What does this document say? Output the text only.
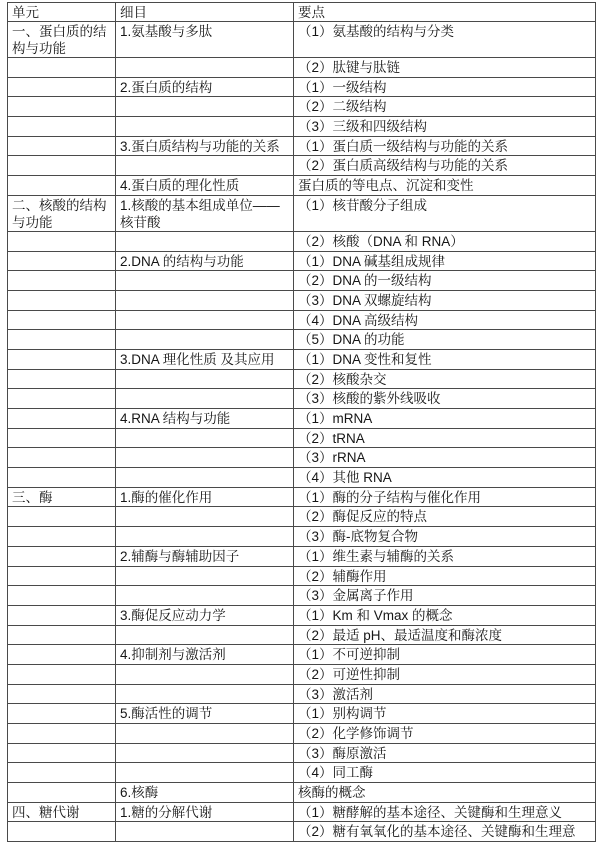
单元	细目	要点
一、蛋白质的结构与功能	1.氨基酸与多肽	（1）氨基酸的结构与分类
		（2）肽键与肽链
	2.蛋白质的结构	（1）一级结构
		（2）二级结构
		（3）三级和四级结构
	3.蛋白质结构与功能的关系	（1）蛋白质一级结构与功能的关系
		（2）蛋白质高级结构与功能的关系
	4.蛋白质的理化性质	蛋白质的等电点、沉淀和变性
二、核酸的结构与功能	1.核酸的基本组成单位——核苷酸	（1）核苷酸分子组成
		（2）核酸（DNA 和 RNA）
	2.DNA 的结构与功能	（1）DNA 碱基组成规律
		（2）DNA 的一级结构
		（3）DNA 双螺旋结构
		（4）DNA 高级结构
		（5）DNA 的功能
	3.DNA 理化性质 及其应用	（1）DNA 变性和复性
		（2）核酸杂交
		（3）核酸的紫外线吸收
	4.RNA 结构与功能	（1）mRNA
		（2）tRNA
		（3）rRNA
		（4）其他 RNA
三、酶	1.酶的催化作用	（1）酶的分子结构与催化作用
		（2）酶促反应的特点
		（3）酶-底物复合物
	2.辅酶与酶辅助因子	（1）维生素与辅酶的关系
		（2）辅酶作用
		（3）金属离子作用
	3.酶促反应动力学	（1）Km 和 Vmax 的概念
		（2）最适 pH、最适温度和酶浓度
	4.抑制剂与激活剂	（1）不可逆抑制
		（2）可逆性抑制
		（3）激活剂
	5.酶活性的调节	（1）别构调节
		（2）化学修饰调节
		（3）酶原激活
		（4）同工酶
	6.核酶	核酶的概念
四、糖代谢	1.糖的分解代谢	（1）糖酵解的基本途径、关键酶和生理意义
		（2）糖有氧氧化的基本途径、关键酶和生理意
